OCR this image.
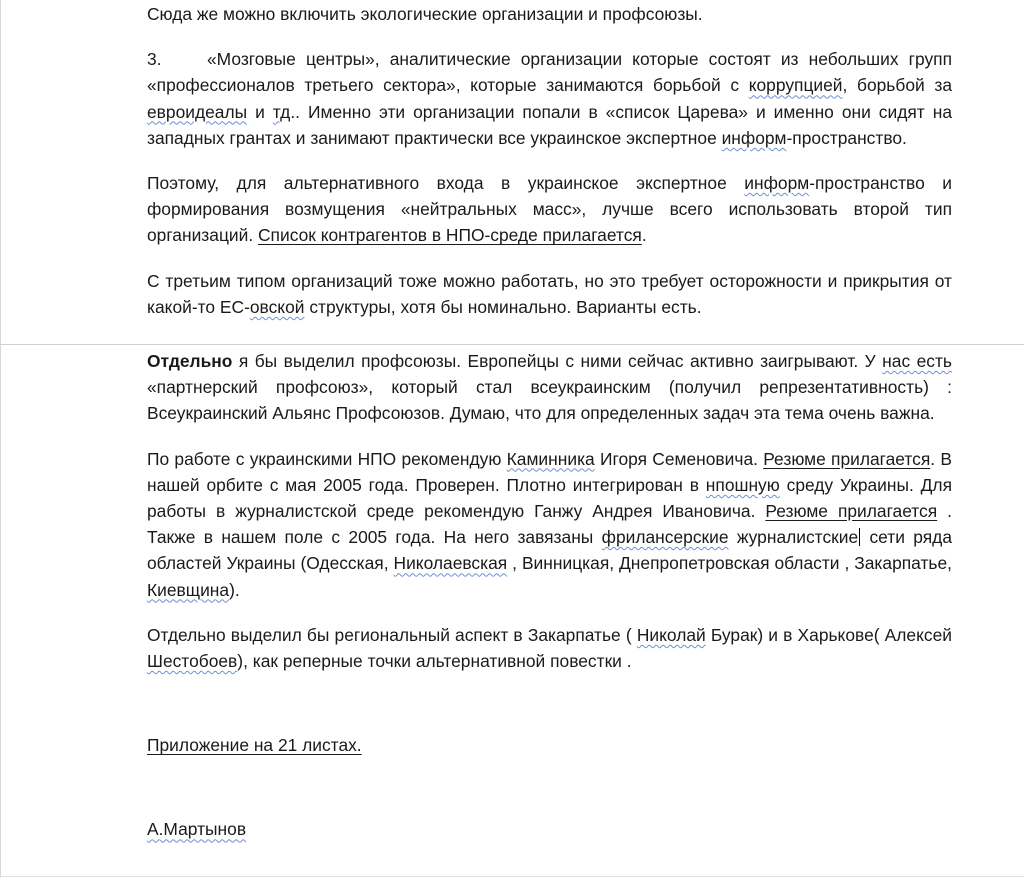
Сюда же можно включить экологические организации и профсоюзы.

3.	«Мозговые центры», аналитические организации которые состоят из небольших групп «профессионалов третьего сектора», которые занимаются борьбой с коррупцией, борьбой за евроидеалы и тд.. Именно эти организации попали в «список Царева» и именно они сидят на западных грантах и занимают практически все украинское экспертное информ-пространство.

Поэтому, для альтернативного входа в украинское экспертное информ-пространство и формирования возмущения «нейтральных масс», лучше всего использовать второй тип организаций. Список контрагентов в НПО-среде прилагается.

С третьим типом организаций тоже можно работать, но это требует осторожности и прикрытия от какой-то ЕС-овской структуры, хотя бы номинально. Варианты есть.

Отдельно я бы выделил профсоюзы. Европейцы с ними сейчас активно заигрывают. У нас есть «партнерский профсоюз», который стал всеукраинским (получил репрезентативность) : Всеукраинский Альянс Профсоюзов. Думаю, что для определенных задач эта тема очень важна.

По работе с украинскими НПО рекомендую Каминника Игоря Семеновича. Резюме прилагается. В нашей орбите с мая 2005 года. Проверен. Плотно интегрирован в нпошную среду Украины. Для работы в журналистской среде рекомендую Ганжу Андрея Ивановича. Резюме прилагается . Также в нашем поле с 2005 года. На него завязаны фрилансерские журналистские сети ряда областей Украины (Одесская, Николаевская , Винницкая, Днепропетровская области , Закарпатье, Киевщина).

Отдельно выделил бы региональный аспект в Закарпатье ( Николай Бурак) и в Харькове( Алексей Шестобоев), как реперные точки альтернативной повестки .

Приложение на 21 листах.

А.Мартынов
